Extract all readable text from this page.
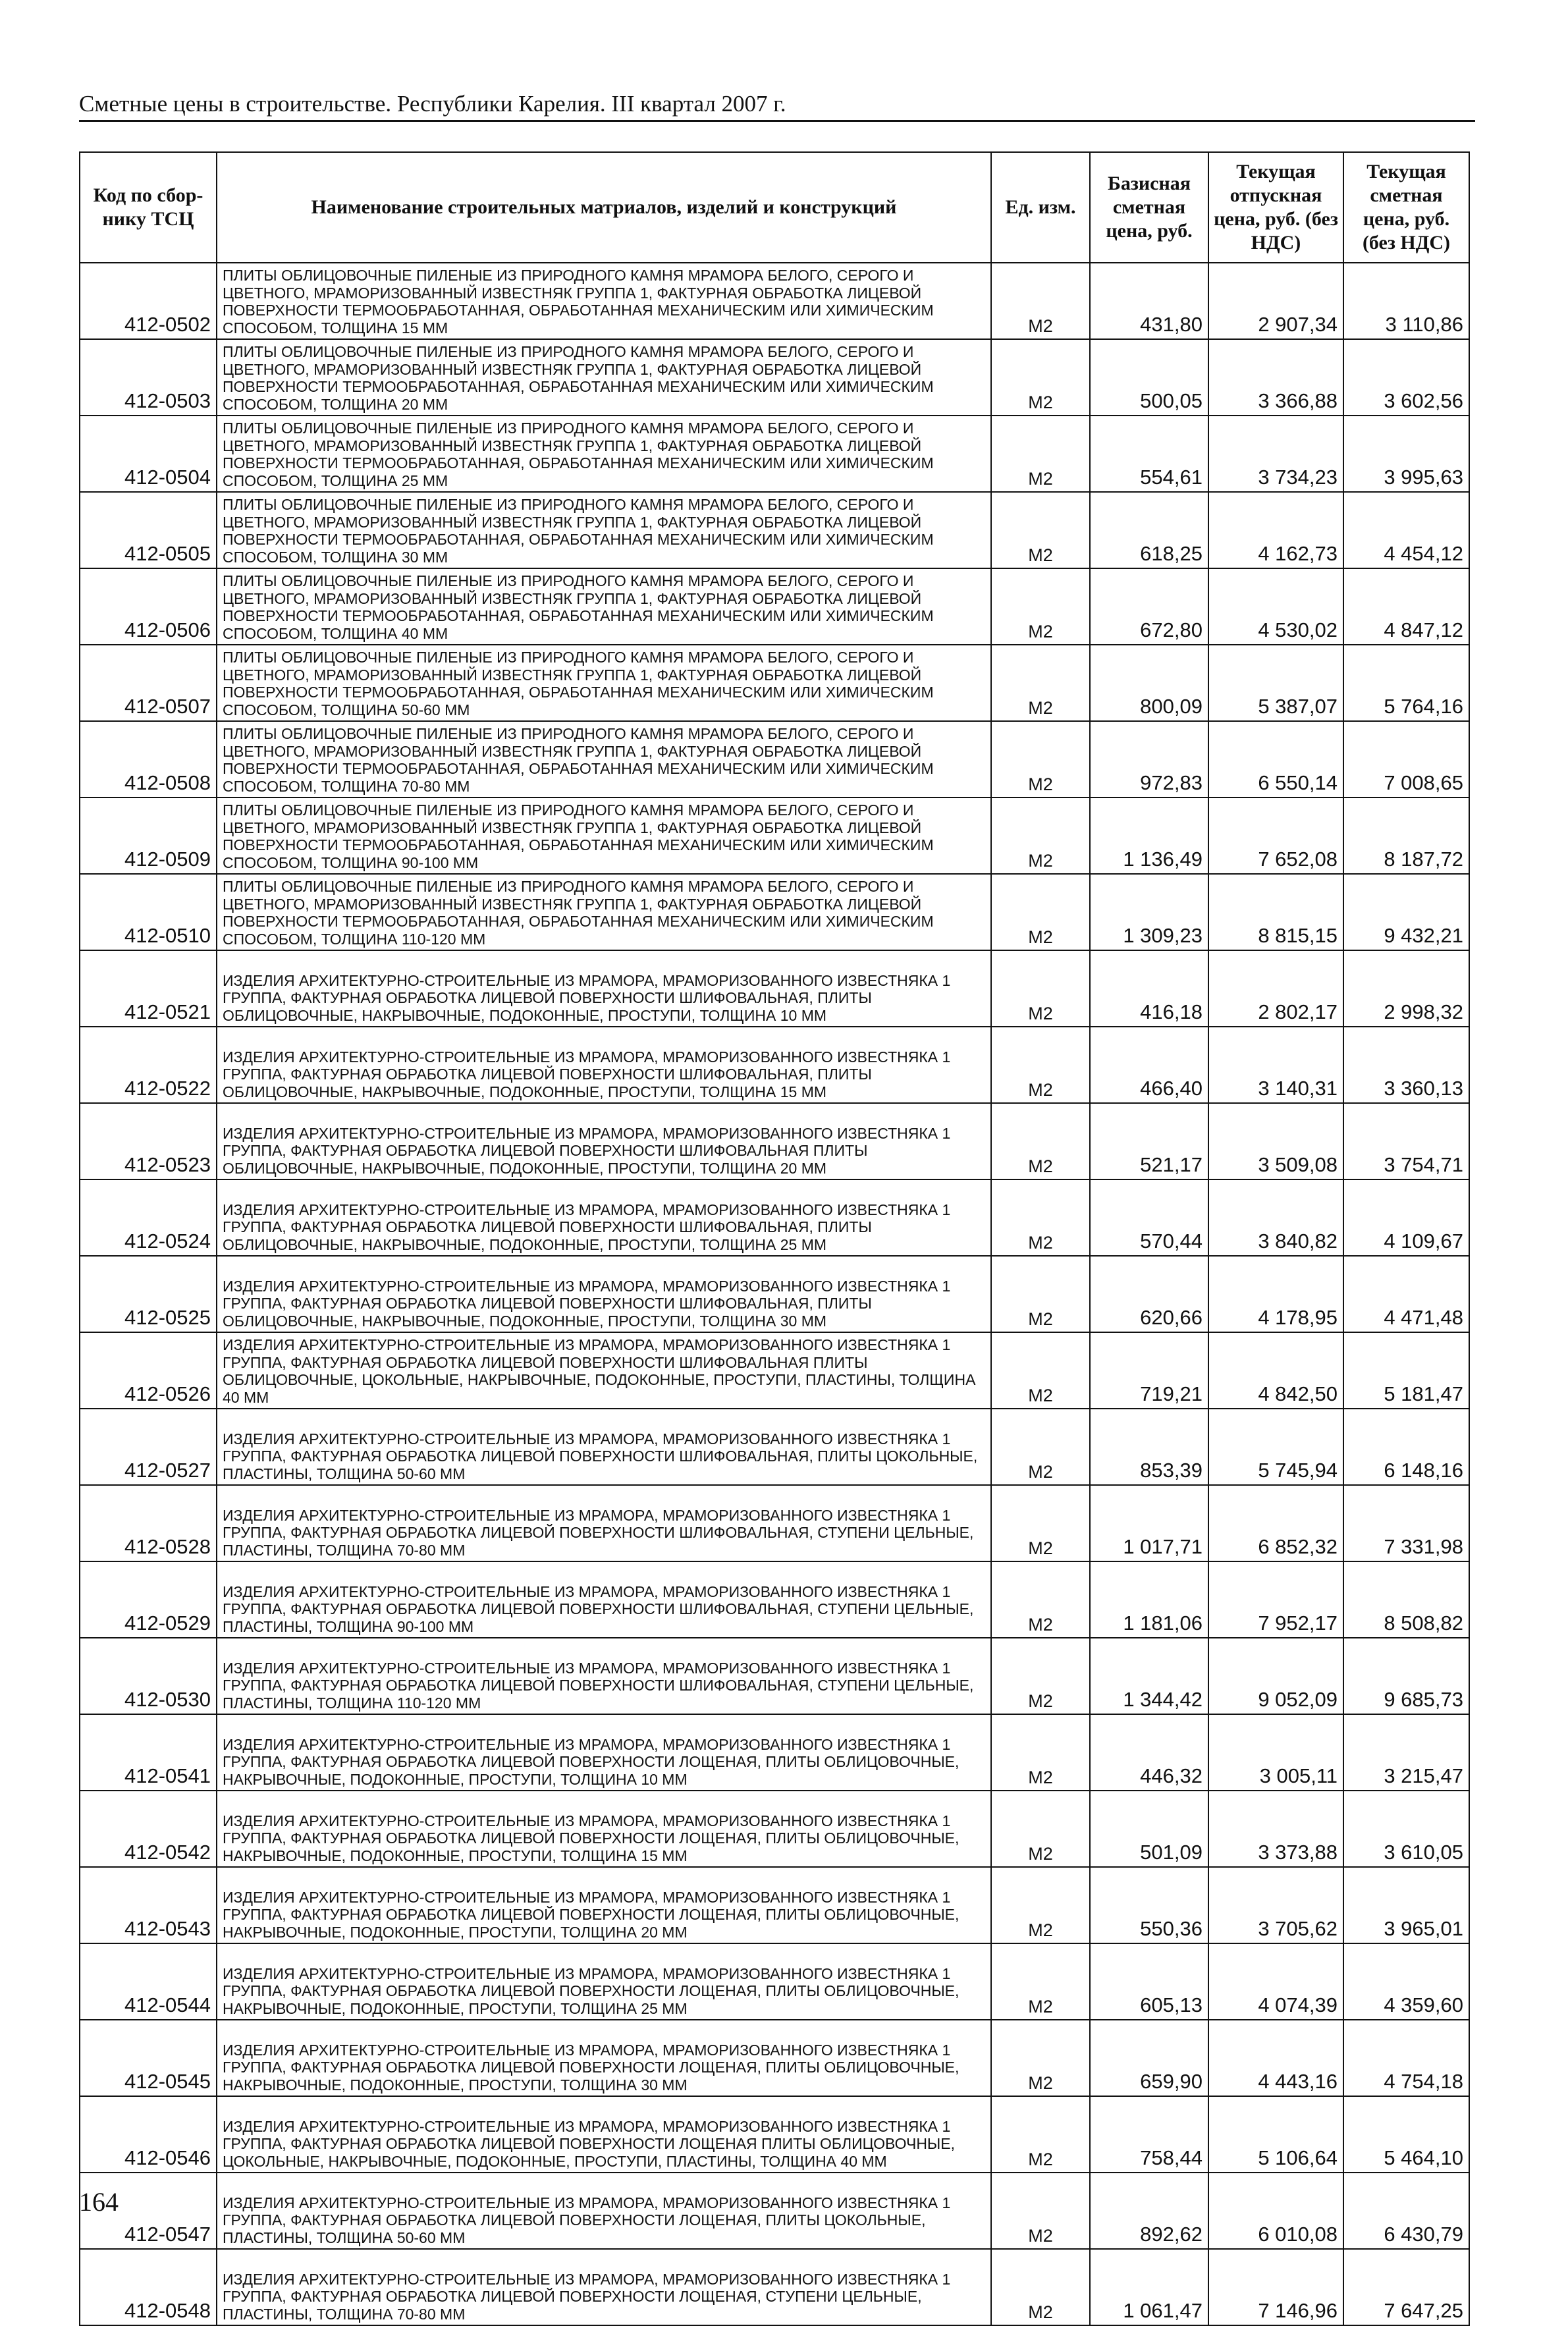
Сметные цены в строительстве. Республики Карелия. III квартал 2007 г.
Код по сбор-нику ТСЦ	Наименование строительных матриалов, изделий и конструкций	Ед. изм.	Базисная сметная цена, руб.	Текущая отпускная цена, руб. (без НДС)	Текущая сметная цена, руб. (без НДС)
412-0502	ПЛИТЫ ОБЛИЦОВОЧНЫЕ ПИЛЕНЫЕ ИЗ ПРИРОДНОГО КАМНЯ МРАМОРА БЕЛОГО, СЕРОГО И ЦВЕТНОГО, МРАМОРИЗОВАННЫЙ ИЗВЕСТНЯК ГРУППА 1, ФАКТУРНАЯ ОБРАБОТКА ЛИЦЕВОЙ ПОВЕРХНОСТИ ТЕРМООБРАБОТАННАЯ, ОБРАБОТАННАЯ МЕХАНИЧЕСКИМ ИЛИ ХИМИЧЕСКИМ СПОСОБОМ, ТОЛЩИНА 15 ММ	М2	431,80	2 907,34	3 110,86
412-0503	ПЛИТЫ ОБЛИЦОВОЧНЫЕ ПИЛЕНЫЕ ИЗ ПРИРОДНОГО КАМНЯ МРАМОРА БЕЛОГО, СЕРОГО И ЦВЕТНОГО, МРАМОРИЗОВАННЫЙ ИЗВЕСТНЯК ГРУППА 1, ФАКТУРНАЯ ОБРАБОТКА ЛИЦЕВОЙ ПОВЕРХНОСТИ ТЕРМООБРАБОТАННАЯ, ОБРАБОТАННАЯ МЕХАНИЧЕСКИМ ИЛИ ХИМИЧЕСКИМ СПОСОБОМ, ТОЛЩИНА 20 ММ	М2	500,05	3 366,88	3 602,56
412-0504	ПЛИТЫ ОБЛИЦОВОЧНЫЕ ПИЛЕНЫЕ ИЗ ПРИРОДНОГО КАМНЯ МРАМОРА БЕЛОГО, СЕРОГО И ЦВЕТНОГО, МРАМОРИЗОВАННЫЙ ИЗВЕСТНЯК ГРУППА 1, ФАКТУРНАЯ ОБРАБОТКА ЛИЦЕВОЙ ПОВЕРХНОСТИ ТЕРМООБРАБОТАННАЯ, ОБРАБОТАННАЯ МЕХАНИЧЕСКИМ ИЛИ ХИМИЧЕСКИМ СПОСОБОМ, ТОЛЩИНА 25 ММ	М2	554,61	3 734,23	3 995,63
412-0505	ПЛИТЫ ОБЛИЦОВОЧНЫЕ ПИЛЕНЫЕ ИЗ ПРИРОДНОГО КАМНЯ МРАМОРА БЕЛОГО, СЕРОГО И ЦВЕТНОГО, МРАМОРИЗОВАННЫЙ ИЗВЕСТНЯК ГРУППА 1, ФАКТУРНАЯ ОБРАБОТКА ЛИЦЕВОЙ ПОВЕРХНОСТИ ТЕРМООБРАБОТАННАЯ, ОБРАБОТАННАЯ МЕХАНИЧЕСКИМ ИЛИ ХИМИЧЕСКИМ СПОСОБОМ, ТОЛЩИНА 30 ММ	М2	618,25	4 162,73	4 454,12
412-0506	ПЛИТЫ ОБЛИЦОВОЧНЫЕ ПИЛЕНЫЕ ИЗ ПРИРОДНОГО КАМНЯ МРАМОРА БЕЛОГО, СЕРОГО И ЦВЕТНОГО, МРАМОРИЗОВАННЫЙ ИЗВЕСТНЯК ГРУППА 1, ФАКТУРНАЯ ОБРАБОТКА ЛИЦЕВОЙ ПОВЕРХНОСТИ ТЕРМООБРАБОТАННАЯ, ОБРАБОТАННАЯ МЕХАНИЧЕСКИМ ИЛИ ХИМИЧЕСКИМ СПОСОБОМ, ТОЛЩИНА 40 ММ	М2	672,80	4 530,02	4 847,12
412-0507	ПЛИТЫ ОБЛИЦОВОЧНЫЕ ПИЛЕНЫЕ ИЗ ПРИРОДНОГО КАМНЯ МРАМОРА БЕЛОГО, СЕРОГО И ЦВЕТНОГО, МРАМОРИЗОВАННЫЙ ИЗВЕСТНЯК ГРУППА 1, ФАКТУРНАЯ ОБРАБОТКА ЛИЦЕВОЙ ПОВЕРХНОСТИ ТЕРМООБРАБОТАННАЯ, ОБРАБОТАННАЯ МЕХАНИЧЕСКИМ ИЛИ ХИМИЧЕСКИМ СПОСОБОМ, ТОЛЩИНА 50-60 ММ	М2	800,09	5 387,07	5 764,16
412-0508	ПЛИТЫ ОБЛИЦОВОЧНЫЕ ПИЛЕНЫЕ ИЗ ПРИРОДНОГО КАМНЯ МРАМОРА БЕЛОГО, СЕРОГО И ЦВЕТНОГО, МРАМОРИЗОВАННЫЙ ИЗВЕСТНЯК ГРУППА 1, ФАКТУРНАЯ ОБРАБОТКА ЛИЦЕВОЙ ПОВЕРХНОСТИ ТЕРМООБРАБОТАННАЯ, ОБРАБОТАННАЯ МЕХАНИЧЕСКИМ ИЛИ ХИМИЧЕСКИМ СПОСОБОМ, ТОЛЩИНА 70-80 ММ	М2	972,83	6 550,14	7 008,65
412-0509	ПЛИТЫ ОБЛИЦОВОЧНЫЕ ПИЛЕНЫЕ ИЗ ПРИРОДНОГО КАМНЯ МРАМОРА БЕЛОГО, СЕРОГО И ЦВЕТНОГО, МРАМОРИЗОВАННЫЙ ИЗВЕСТНЯК ГРУППА 1, ФАКТУРНАЯ ОБРАБОТКА ЛИЦЕВОЙ ПОВЕРХНОСТИ ТЕРМООБРАБОТАННАЯ, ОБРАБОТАННАЯ МЕХАНИЧЕСКИМ ИЛИ ХИМИЧЕСКИМ СПОСОБОМ, ТОЛЩИНА 90-100 ММ	М2	1 136,49	7 652,08	8 187,72
412-0510	ПЛИТЫ ОБЛИЦОВОЧНЫЕ ПИЛЕНЫЕ ИЗ ПРИРОДНОГО КАМНЯ МРАМОРА БЕЛОГО, СЕРОГО И ЦВЕТНОГО, МРАМОРИЗОВАННЫЙ ИЗВЕСТНЯК ГРУППА 1, ФАКТУРНАЯ ОБРАБОТКА ЛИЦЕВОЙ ПОВЕРХНОСТИ ТЕРМООБРАБОТАННАЯ, ОБРАБОТАННАЯ МЕХАНИЧЕСКИМ ИЛИ ХИМИЧЕСКИМ СПОСОБОМ, ТОЛЩИНА 110-120 ММ	М2	1 309,23	8 815,15	9 432,21
412-0521	ИЗДЕЛИЯ АРХИТЕКТУРНО-СТРОИТЕЛЬНЫЕ ИЗ МРАМОРА, МРАМОРИЗОВАННОГО ИЗВЕСТНЯКА 1 ГРУППА, ФАКТУРНАЯ ОБРАБОТКА ЛИЦЕВОЙ ПОВЕРХНОСТИ ШЛИФОВАЛЬНАЯ, ПЛИТЫ ОБЛИЦОВОЧНЫЕ, НАКРЫВОЧНЫЕ, ПОДОКОННЫЕ, ПРОСТУПИ, ТОЛЩИНА 10 ММ	М2	416,18	2 802,17	2 998,32
412-0522	ИЗДЕЛИЯ АРХИТЕКТУРНО-СТРОИТЕЛЬНЫЕ ИЗ МРАМОРА, МРАМОРИЗОВАННОГО ИЗВЕСТНЯКА 1 ГРУППА, ФАКТУРНАЯ ОБРАБОТКА ЛИЦЕВОЙ ПОВЕРХНОСТИ ШЛИФОВАЛЬНАЯ, ПЛИТЫ ОБЛИЦОВОЧНЫЕ, НАКРЫВОЧНЫЕ, ПОДОКОННЫЕ, ПРОСТУПИ, ТОЛЩИНА 15 ММ	М2	466,40	3 140,31	3 360,13
412-0523	ИЗДЕЛИЯ АРХИТЕКТУРНО-СТРОИТЕЛЬНЫЕ ИЗ МРАМОРА, МРАМОРИЗОВАННОГО ИЗВЕСТНЯКА 1 ГРУППА, ФАКТУРНАЯ ОБРАБОТКА ЛИЦЕВОЙ ПОВЕРХНОСТИ ШЛИФОВАЛЬНАЯ ПЛИТЫ ОБЛИЦОВОЧНЫЕ, НАКРЫВОЧНЫЕ, ПОДОКОННЫЕ, ПРОСТУПИ, ТОЛЩИНА 20 ММ	М2	521,17	3 509,08	3 754,71
412-0524	ИЗДЕЛИЯ АРХИТЕКТУРНО-СТРОИТЕЛЬНЫЕ ИЗ МРАМОРА, МРАМОРИЗОВАННОГО ИЗВЕСТНЯКА 1 ГРУППА, ФАКТУРНАЯ ОБРАБОТКА ЛИЦЕВОЙ ПОВЕРХНОСТИ ШЛИФОВАЛЬНАЯ, ПЛИТЫ ОБЛИЦОВОЧНЫЕ, НАКРЫВОЧНЫЕ, ПОДОКОННЫЕ, ПРОСТУПИ, ТОЛЩИНА 25 ММ	М2	570,44	3 840,82	4 109,67
412-0525	ИЗДЕЛИЯ АРХИТЕКТУРНО-СТРОИТЕЛЬНЫЕ ИЗ МРАМОРА, МРАМОРИЗОВАННОГО ИЗВЕСТНЯКА 1 ГРУППА, ФАКТУРНАЯ ОБРАБОТКА ЛИЦЕВОЙ ПОВЕРХНОСТИ ШЛИФОВАЛЬНАЯ, ПЛИТЫ ОБЛИЦОВОЧНЫЕ, НАКРЫВОЧНЫЕ, ПОДОКОННЫЕ, ПРОСТУПИ, ТОЛЩИНА 30 ММ	М2	620,66	4 178,95	4 471,48
412-0526	ИЗДЕЛИЯ АРХИТЕКТУРНО-СТРОИТЕЛЬНЫЕ ИЗ МРАМОРА, МРАМОРИЗОВАННОГО ИЗВЕСТНЯКА 1 ГРУППА, ФАКТУРНАЯ ОБРАБОТКА ЛИЦЕВОЙ ПОВЕРХНОСТИ ШЛИФОВАЛЬНАЯ ПЛИТЫ ОБЛИЦОВОЧНЫЕ, ЦОКОЛЬНЫЕ, НАКРЫВОЧНЫЕ, ПОДОКОННЫЕ, ПРОСТУПИ, ПЛАСТИНЫ, ТОЛЩИНА 40 ММ	М2	719,21	4 842,50	5 181,47
412-0527	ИЗДЕЛИЯ АРХИТЕКТУРНО-СТРОИТЕЛЬНЫЕ ИЗ МРАМОРА, МРАМОРИЗОВАННОГО ИЗВЕСТНЯКА 1 ГРУППА, ФАКТУРНАЯ ОБРАБОТКА ЛИЦЕВОЙ ПОВЕРХНОСТИ ШЛИФОВАЛЬНАЯ, ПЛИТЫ ЦОКОЛЬНЫЕ, ПЛАСТИНЫ, ТОЛЩИНА 50-60 ММ	М2	853,39	5 745,94	6 148,16
412-0528	ИЗДЕЛИЯ АРХИТЕКТУРНО-СТРОИТЕЛЬНЫЕ ИЗ МРАМОРА, МРАМОРИЗОВАННОГО ИЗВЕСТНЯКА 1 ГРУППА, ФАКТУРНАЯ ОБРАБОТКА ЛИЦЕВОЙ ПОВЕРХНОСТИ ШЛИФОВАЛЬНАЯ, СТУПЕНИ ЦЕЛЬНЫЕ, ПЛАСТИНЫ, ТОЛЩИНА 70-80 ММ	М2	1 017,71	6 852,32	7 331,98
412-0529	ИЗДЕЛИЯ АРХИТЕКТУРНО-СТРОИТЕЛЬНЫЕ ИЗ МРАМОРА, МРАМОРИЗОВАННОГО ИЗВЕСТНЯКА 1 ГРУППА, ФАКТУРНАЯ ОБРАБОТКА ЛИЦЕВОЙ ПОВЕРХНОСТИ ШЛИФОВАЛЬНАЯ, СТУПЕНИ ЦЕЛЬНЫЕ, ПЛАСТИНЫ, ТОЛЩИНА 90-100 ММ	М2	1 181,06	7 952,17	8 508,82
412-0530	ИЗДЕЛИЯ АРХИТЕКТУРНО-СТРОИТЕЛЬНЫЕ ИЗ МРАМОРА, МРАМОРИЗОВАННОГО ИЗВЕСТНЯКА 1 ГРУППА, ФАКТУРНАЯ ОБРАБОТКА ЛИЦЕВОЙ ПОВЕРХНОСТИ ШЛИФОВАЛЬНАЯ, СТУПЕНИ ЦЕЛЬНЫЕ, ПЛАСТИНЫ, ТОЛЩИНА 110-120 ММ	М2	1 344,42	9 052,09	9 685,73
412-0541	ИЗДЕЛИЯ АРХИТЕКТУРНО-СТРОИТЕЛЬНЫЕ ИЗ МРАМОРА, МРАМОРИЗОВАННОГО ИЗВЕСТНЯКА 1 ГРУППА, ФАКТУРНАЯ ОБРАБОТКА ЛИЦЕВОЙ ПОВЕРХНОСТИ ЛОЩЕНАЯ, ПЛИТЫ ОБЛИЦОВОЧНЫЕ, НАКРЫВОЧНЫЕ, ПОДОКОННЫЕ, ПРОСТУПИ, ТОЛЩИНА 10 ММ	М2	446,32	3 005,11	3 215,47
412-0542	ИЗДЕЛИЯ АРХИТЕКТУРНО-СТРОИТЕЛЬНЫЕ ИЗ МРАМОРА, МРАМОРИЗОВАННОГО ИЗВЕСТНЯКА 1 ГРУППА, ФАКТУРНАЯ ОБРАБОТКА ЛИЦЕВОЙ ПОВЕРХНОСТИ ЛОЩЕНАЯ, ПЛИТЫ ОБЛИЦОВОЧНЫЕ, НАКРЫВОЧНЫЕ, ПОДОКОННЫЕ, ПРОСТУПИ, ТОЛЩИНА 15 ММ	М2	501,09	3 373,88	3 610,05
412-0543	ИЗДЕЛИЯ АРХИТЕКТУРНО-СТРОИТЕЛЬНЫЕ ИЗ МРАМОРА, МРАМОРИЗОВАННОГО ИЗВЕСТНЯКА 1 ГРУППА, ФАКТУРНАЯ ОБРАБОТКА ЛИЦЕВОЙ ПОВЕРХНОСТИ ЛОЩЕНАЯ, ПЛИТЫ ОБЛИЦОВОЧНЫЕ, НАКРЫВОЧНЫЕ, ПОДОКОННЫЕ, ПРОСТУПИ, ТОЛЩИНА 20 ММ	М2	550,36	3 705,62	3 965,01
412-0544	ИЗДЕЛИЯ АРХИТЕКТУРНО-СТРОИТЕЛЬНЫЕ ИЗ МРАМОРА, МРАМОРИЗОВАННОГО ИЗВЕСТНЯКА 1 ГРУППА, ФАКТУРНАЯ ОБРАБОТКА ЛИЦЕВОЙ ПОВЕРХНОСТИ ЛОЩЕНАЯ, ПЛИТЫ ОБЛИЦОВОЧНЫЕ, НАКРЫВОЧНЫЕ, ПОДОКОННЫЕ, ПРОСТУПИ, ТОЛЩИНА 25 ММ	М2	605,13	4 074,39	4 359,60
412-0545	ИЗДЕЛИЯ АРХИТЕКТУРНО-СТРОИТЕЛЬНЫЕ ИЗ МРАМОРА, МРАМОРИЗОВАННОГО ИЗВЕСТНЯКА 1 ГРУППА, ФАКТУРНАЯ ОБРАБОТКА ЛИЦЕВОЙ ПОВЕРХНОСТИ ЛОЩЕНАЯ, ПЛИТЫ ОБЛИЦОВОЧНЫЕ, НАКРЫВОЧНЫЕ, ПОДОКОННЫЕ, ПРОСТУПИ, ТОЛЩИНА 30 ММ	М2	659,90	4 443,16	4 754,18
412-0546	ИЗДЕЛИЯ АРХИТЕКТУРНО-СТРОИТЕЛЬНЫЕ ИЗ МРАМОРА, МРАМОРИЗОВАННОГО ИЗВЕСТНЯКА 1 ГРУППА, ФАКТУРНАЯ ОБРАБОТКА ЛИЦЕВОЙ ПОВЕРХНОСТИ ЛОЩЕНАЯ ПЛИТЫ ОБЛИЦОВОЧНЫЕ, ЦОКОЛЬНЫЕ, НАКРЫВОЧНЫЕ, ПОДОКОННЫЕ, ПРОСТУПИ, ПЛАСТИНЫ, ТОЛЩИНА 40 ММ	М2	758,44	5 106,64	5 464,10
412-0547	ИЗДЕЛИЯ АРХИТЕКТУРНО-СТРОИТЕЛЬНЫЕ ИЗ МРАМОРА, МРАМОРИЗОВАННОГО ИЗВЕСТНЯКА 1 ГРУППА, ФАКТУРНАЯ ОБРАБОТКА ЛИЦЕВОЙ ПОВЕРХНОСТИ ЛОЩЕНАЯ, ПЛИТЫ ЦОКОЛЬНЫЕ, ПЛАСТИНЫ, ТОЛЩИНА 50-60 ММ	М2	892,62	6 010,08	6 430,79
412-0548	ИЗДЕЛИЯ АРХИТЕКТУРНО-СТРОИТЕЛЬНЫЕ ИЗ МРАМОРА, МРАМОРИЗОВАННОГО ИЗВЕСТНЯКА 1 ГРУППА, ФАКТУРНАЯ ОБРАБОТКА ЛИЦЕВОЙ ПОВЕРХНОСТИ ЛОЩЕНАЯ, СТУПЕНИ ЦЕЛЬНЫЕ, ПЛАСТИНЫ, ТОЛЩИНА 70-80 ММ	М2	1 061,47	7 146,96	7 647,25
164
